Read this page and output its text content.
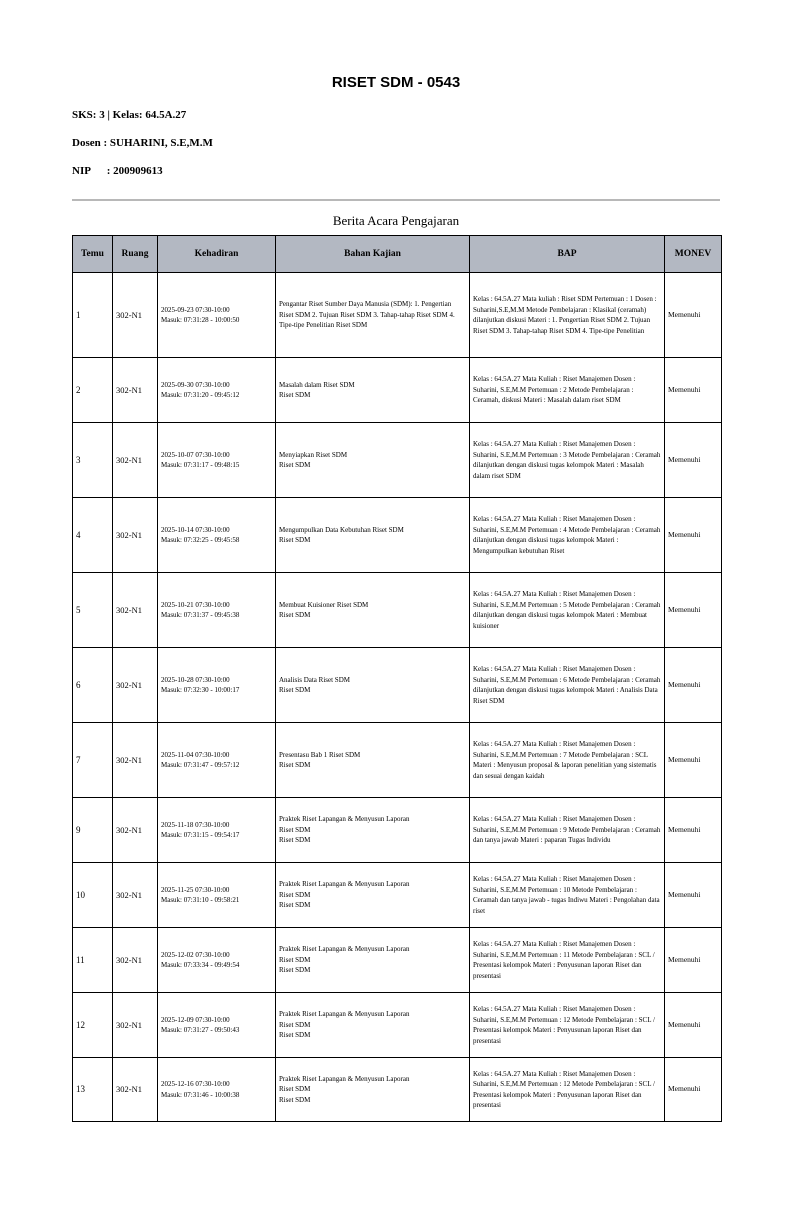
RISET SDM - 0543
SKS: 3 | Kelas: 64.5A.27
Dosen : SUHARINI, S.E,M.M
NIP : 200909613
Berita Acara Pengajaran
Temu	Ruang	Kehadiran	Bahan Kajian	BAP	MONEV
1	302-N1	2025-09-23 07:30-10:00
Masuk: 07:31:28 - 10:00:50	Pengantar Riset Sumber Daya Manusia (SDM): 1. Pengertian Riset SDM 2. Tujuan Riset SDM 3. Tahap-tahap Riset SDM 4. Tipe-tipe Penelitian Riset SDM	Kelas : 64.5A.27 Mata kuliah : Riset SDM Pertemuan : 1 Dosen : Suharini,S.E,M.M Metode Pembelajaran : Klasikal (ceramah) dilanjutkan diskusi Materi : 1. Pengertian Riset SDM 2. Tujuan Riset SDM 3. Tahap-tahap Riset SDM 4. Tipe-tipe Penelitian	Memenuhi
2	302-N1	2025-09-30 07:30-10:00
Masuk: 07:31:20 - 09:45:12	Masalah dalam Riset SDM
Riset SDM	Kelas : 64.5A.27 Mata Kuliah : Riset Manajemen Dosen : Suharini, S.E,M.M Pertemuan : 2 Metode Pembelajaran : Ceramah, diskusi Materi : Masalah dalam riset SDM	Memenuhi
3	302-N1	2025-10-07 07:30-10:00
Masuk: 07:31:17 - 09:48:15	Menyiapkan Riset SDM
Riset SDM	Kelas : 64.5A.27 Mata Kuliah : Riset Manajemen Dosen : Suharini, S.E,M.M Pertemuan : 3 Metode Pembelajaran : Ceramah dilanjutkan dengan diskusi tugas kelompok Materi : Masalah dalam riset SDM	Memenuhi
4	302-N1	2025-10-14 07:30-10:00
Masuk: 07:32:25 - 09:45:58	Mengumpulkan Data Kebutuhan Riset SDM
Riset SDM	Kelas : 64.5A.27 Mata Kuliah : Riset Manajemen Dosen : Suharini, S.E,M.M Pertemuan : 4 Metode Pembelajaran : Ceramah dilanjutkan dengan diskusi tugas kelompok Materi : Mengumpulkan kebutuhan Riset	Memenuhi
5	302-N1	2025-10-21 07:30-10:00
Masuk: 07:31:37 - 09:45:38	Membuat Kuisioner Riset SDM
Riset SDM	Kelas : 64.5A.27 Mata Kuliah : Riset Manajemen Dosen : Suharini, S.E,M.M Pertemuan : 5 Metode Pembelajaran : Ceramah dilanjutkan dengan diskusi tugas kelompok Materi : Membuat kuisioner	Memenuhi
6	302-N1	2025-10-28 07:30-10:00
Masuk: 07:32:30 - 10:00:17	Analisis Data Riset SDM
Riset SDM	Kelas : 64.5A.27 Mata Kuliah : Riset Manajemen Dosen : Suharini, S.E,M.M Pertemuan : 6 Metode Pembelajaran : Ceramah dilanjutkan dengan diskusi tugas kelompok Materi : Analisis Data Riset SDM	Memenuhi
7	302-N1	2025-11-04 07:30-10:00
Masuk: 07:31:47 - 09:57:12	Presentasu Bab 1 Riset SDM
Riset SDM	Kelas : 64.5A.27 Mata Kuliah : Riset Manajemen Dosen : Suharini, S.E,M.M Pertemuan : 7 Metode Pembelajaran : SCL Materi : Menyusun proposal & laporan penelitian yang sistematis dan sesuai dengan kaidah	Memenuhi
9	302-N1	2025-11-18 07:30-10:00
Masuk: 07:31:15 - 09:54:17	Praktek Riset Lapangan & Menyusun Laporan
Riset SDM
Riset SDM	Kelas : 64.5A.27 Mata Kuliah : Riset Manajemen Dosen : Suharini, S.E,M.M Pertemuan : 9 Metode Pembelajaran : Ceramah dan tanya jawab Materi : paparan Tugas Individu	Memenuhi
10	302-N1	2025-11-25 07:30-10:00
Masuk: 07:31:10 - 09:58:21	Praktek Riset Lapangan & Menyusun Laporan
Riset SDM
Riset SDM	Kelas : 64.5A.27 Mata Kuliah : Riset Manajemen Dosen : Suharini, S.E,M.M Pertemuan : 10 Metode Pembelajaran : Ceramah dan tanya jawab - tugas Indiwu Materi : Pengolahan data riset	Memenuhi
11	302-N1	2025-12-02 07:30-10:00
Masuk: 07:33:34 - 09:49:54	Praktek Riset Lapangan & Menyusun Laporan
Riset SDM
Riset SDM	Kelas : 64.5A.27 Mata Kuliah : Riset Manajemen Dosen : Suharini, S.E,M.M Pertemuan : 11 Metode Pembelajaran : SCL / Presentasi kelompok Materi : Penyusunan laporan Riset dan presentasi	Memenuhi
12	302-N1	2025-12-09 07:30-10:00
Masuk: 07:31:27 - 09:50:43	Praktek Riset Lapangan & Menyusun Laporan
Riset SDM
Riset SDM	Kelas : 64.5A.27 Mata Kuliah : Riset Manajemen Dosen : Suharini, S.E,M.M Pertemuan : 12 Metode Pembelajaran : SCL / Presentasi kelompok Materi : Penyusunan laporan Riset dan presentasi	Memenuhi
13	302-N1	2025-12-16 07:30-10:00
Masuk: 07:31:46 - 10:00:38	Praktek Riset Lapangan & Menyusun Laporan
Riset SDM
Riset SDM	Kelas : 64.5A.27 Mata Kuliah : Riset Manajemen Dosen : Suharini, S.E,M.M Pertemuan : 12 Metode Pembelajaran : SCL / Presentasi kelompok Materi : Penyusunan laporan Riset dan presentasi	Memenuhi
